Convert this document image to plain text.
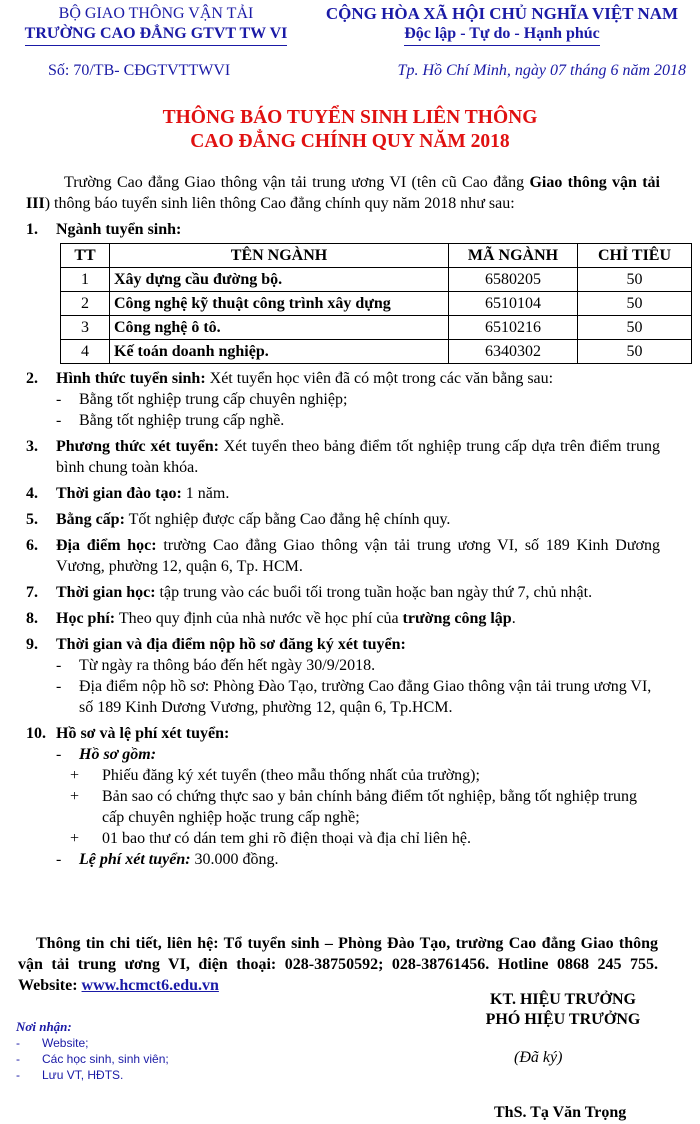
BỘ GIAO THÔNG VẬN TẢI
TRƯỜNG CAO ĐẲNG GTVT TW VI
CỘNG HÒA XÃ HỘI CHỦ NGHĨA VIỆT NAM
Độc lập - Tự do - Hạnh phúc
Số: 70/TB- CĐGTVTTWVI	Tp. Hồ Chí Minh, ngày 07 tháng 6 năm 2018
THÔNG BÁO TUYỂN SINH LIÊN THÔNG
CAO ĐẲNG CHÍNH QUY NĂM 2018

Trường Cao đẳng Giao thông vận tải trung ương VI (tên cũ Cao đẳng Giao thông vận tải III) thông báo tuyển sinh liên thông Cao đẳng chính quy năm 2018 như sau:

1. Ngành tuyển sinh:

TT	TÊN NGÀNH	MÃ NGÀNH	CHỈ TIÊU
1	Xây dựng cầu đường bộ.	6580205	50
2	Công nghệ kỹ thuật công trình xây dựng	6510104	50
3	Công nghệ ô tô.	6510216	50
4	Kế toán doanh nghiệp.	6340302	50

2. Hình thức tuyển sinh: Xét tuyển học viên đã có một trong các văn bằng sau:

- Bằng tốt nghiệp trung cấp chuyên nghiệp;

- Bằng tốt nghiệp trung cấp nghề.

3. Phương thức xét tuyển: Xét tuyển theo bảng điểm tốt nghiệp trung cấp dựa trên điểm trung bình chung toàn khóa.

4. Thời gian đào tạo: 1 năm.

5. Bằng cấp: Tốt nghiệp được cấp bằng Cao đẳng hệ chính quy.

6. Địa điểm học: trường Cao đẳng Giao thông vận tải trung ương VI, số 189 Kinh Dương Vương, phường 12, quận 6, Tp. HCM.

7. Thời gian học: tập trung vào các buổi tối trong tuần hoặc ban ngày thứ 7, chủ nhật.

8. Học phí: Theo quy định của nhà nước về học phí của trường công lập.

9. Thời gian và địa điểm nộp hồ sơ đăng ký xét tuyển:

- Từ ngày ra thông báo đến hết ngày 30/9/2018.

- Địa điểm nộp hồ sơ: Phòng Đào Tạo, trường Cao đẳng Giao thông vận tải trung ương VI, số 189 Kinh Dương Vương, phường 12, quận 6, Tp.HCM.

10. Hồ sơ và lệ phí xét tuyển:

- Hồ sơ gồm:

+ Phiếu đăng ký xét tuyển (theo mẫu thống nhất của trường);

+ Bản sao có chứng thực sao y bản chính bảng điểm tốt nghiệp, bằng tốt nghiệp trung cấp chuyên nghiệp hoặc trung cấp nghề;

+ 01 bao thư có dán tem ghi rõ điện thoại và địa chỉ liên hệ.

- Lệ phí xét tuyển: 30.000 đồng.

Thông tin chi tiết, liên hệ: Tổ tuyển sinh – Phòng Đào Tạo, trường Cao đẳng Giao thông vận tải trung ương VI, điện thoại: 028-38750592; 028-38761456. Hotline 0868 245 755. Website: www.hcmct6.edu.vn
KT. HIỆU TRƯỞNG
PHÓ HIỆU TRƯỞNG
(Đã ký)
ThS. Tạ Văn Trọng
Nơi nhận:
- Website;
- Các học sinh, sinh viên;
- Lưu VT, HĐTS.
